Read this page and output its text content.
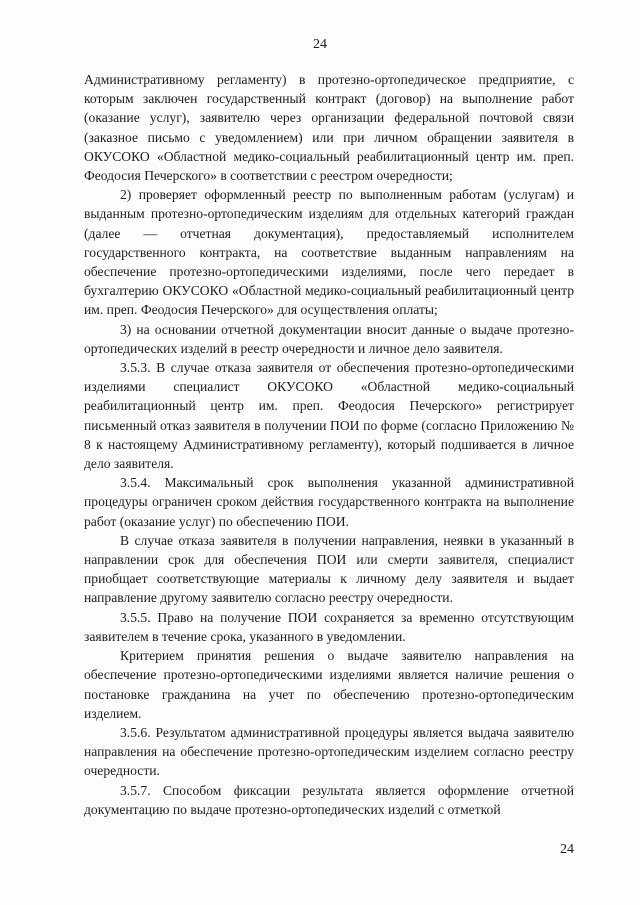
24

Административному регламенту) в протезно-ортопедическое предприятие, с которым заключен государственный контракт (договор) на выполнение работ (оказание услуг), заявителю через организации федеральной почтовой связи (заказное письмо с уведомлением) или при личном обращении заявителя в ОКУСОКО «Областной медико-социальный реабилитационный центр им. преп. Феодосия Печерского» в соответствии с реестром очередности;

2) проверяет оформленный реестр по выполненным работам (услугам) и выданным протезно-ортопедическим изделиям для отдельных категорий граждан (далее — отчетная документация), предоставляемый исполнителем государственного контракта, на соответствие выданным направлениям на обеспечение протезно-ортопедическими изделиями, после чего передает в бухгалтерию ОКУСОКО «Областной медико-социальный реабилитационный центр им. преп. Феодосия Печерского» для осуществления оплаты;

3) на основании отчетной документации вносит данные о выдаче протезно-ортопедических изделий в реестр очередности и личное дело заявителя.

3.5.3. В случае отказа заявителя от обеспечения протезно-ортопедическими изделиями специалист ОКУСОКО «Областной медико-социальный реабилитационный центр им. преп. Феодосия Печерского» регистрирует письменный отказ заявителя в получении ПОИ по форме (согласно Приложению № 8 к настоящему Административному регламенту), который подшивается в личное дело заявителя.

3.5.4. Максимальный срок выполнения указанной административной процедуры ограничен сроком действия государственного контракта на выполнение работ (оказание услуг) по обеспечению ПОИ.

В случае отказа заявителя в получении направления, неявки в указанный в направлении срок для обеспечения ПОИ или смерти заявителя, специалист приобщает соответствующие материалы к личному делу заявителя и выдает направление другому заявителю согласно реестру очередности.

3.5.5. Право на получение ПОИ сохраняется за временно отсутствующим заявителем в течение срока, указанного в уведомлении.

Критерием принятия решения о выдаче заявителю направления на обеспечение протезно-ортопедическими изделиями является наличие решения о постановке гражданина на учет по обеспечению протезно-ортопедическим изделием.

3.5.6. Результатом административной процедуры является выдача заявителю направления на обеспечение протезно-ортопедическим изделием согласно реестру очередности.

3.5.7. Способом фиксации результата является оформление отчетной документацию по выдаче протезно-ортопедических изделий с отметкой

24
